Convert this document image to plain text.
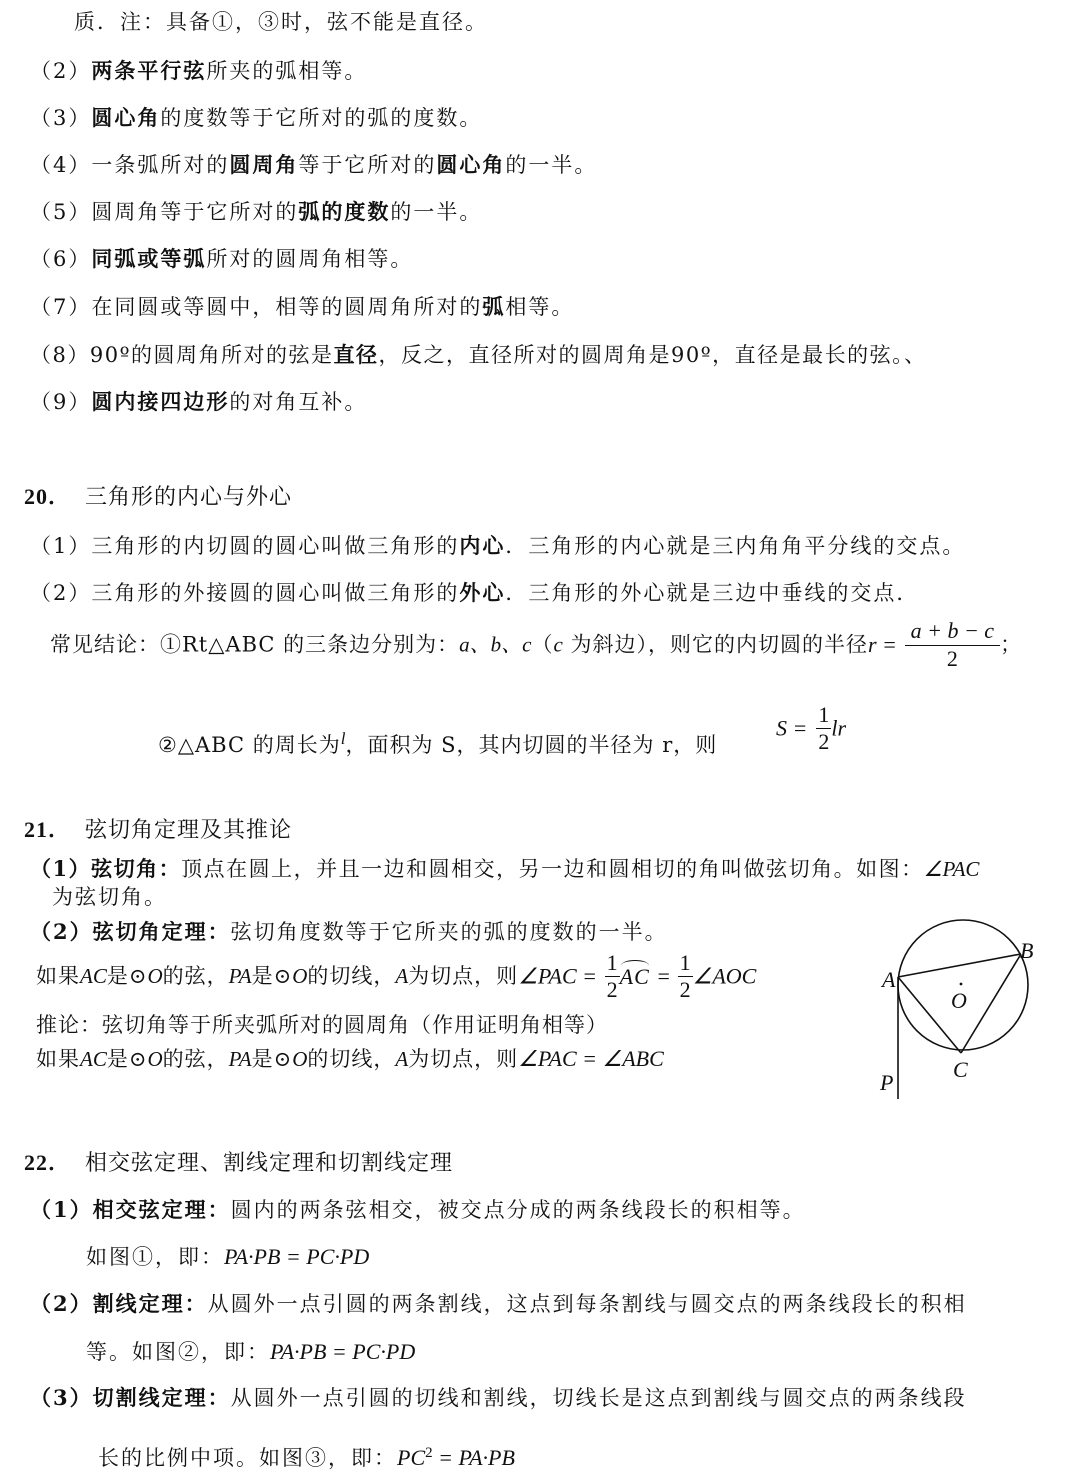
质．注：具备①，③时，弦不能是直径。
（2）两条平行弦所夹的弧相等。
（3）圆心角的度数等于它所对的弧的度数。
（4）一条弧所对的圆周角等于它所对的圆心角的一半。
（5）圆周角等于它所对的弧的度数的一半。
（6）同弧或等弧所对的圆周角相等。
（7）在同圆或等圆中，相等的圆周角所对的弧相等。
（8）90º的圆周角所对的弦是直径，反之，直径所对的圆周角是90º，直径是最长的弦。、
（9）圆内接四边形的对角互补。
20． 三角形的内心与外心
（1）三角形的内切圆的圆心叫做三角形的内心．三角形的内心就是三内角角平分线的交点。
（2）三角形的外接圆的圆心叫做三角形的外心．三角形的外心就是三边中垂线的交点．
常见结论：①Rt△ABC 的三条边分别为：a、b、c（c 为斜边），则它的内切圆的半径$r = \frac{a + b - c}{2}$ ；
②△ABC 的周长为$^l$，面积为 S，其内切圆的半径为 r，则
$S = \frac{1}{2}$ lr
21． 弦切角定理及其推论
（1）弦切角：顶点在圆上，并且一边和圆相交，另一边和圆相切的角叫做弦切角。如图：∠PAC
为弦切角。
（2）弦切角定理：弦切角度数等于它所夹的弧的度数的一半。
如果AC是⊙O的弦，PA是⊙O的切线，A为切点，则∠PAC = $\frac{1}{2}$ AC = $\frac{1}{2}$ ∠AOC
推论：弦切角等于所夹弧所对的圆周角（作用证明角相等）
如果AC是⊙O的弦，PA是⊙O的切线，A为切点，则∠PAC = ∠ABC
A
B
C
O
P
22． 相交弦定理、割线定理和切割线定理
（1）相交弦定理：圆内的两条弦相交，被交点分成的两条线段长的积相等。
如图①，即：PA·PB = PC·PD
（2）割线定理：从圆外一点引圆的两条割线，这点到每条割线与圆交点的两条线段长的积相
等。如图②，即：PA·PB = PC·PD
（3）切割线定理：从圆外一点引圆的切线和割线，切线长是这点到割线与圆交点的两条线段
长的比例中项。如图③，即：$PC^2 = PA\cdot PB$
